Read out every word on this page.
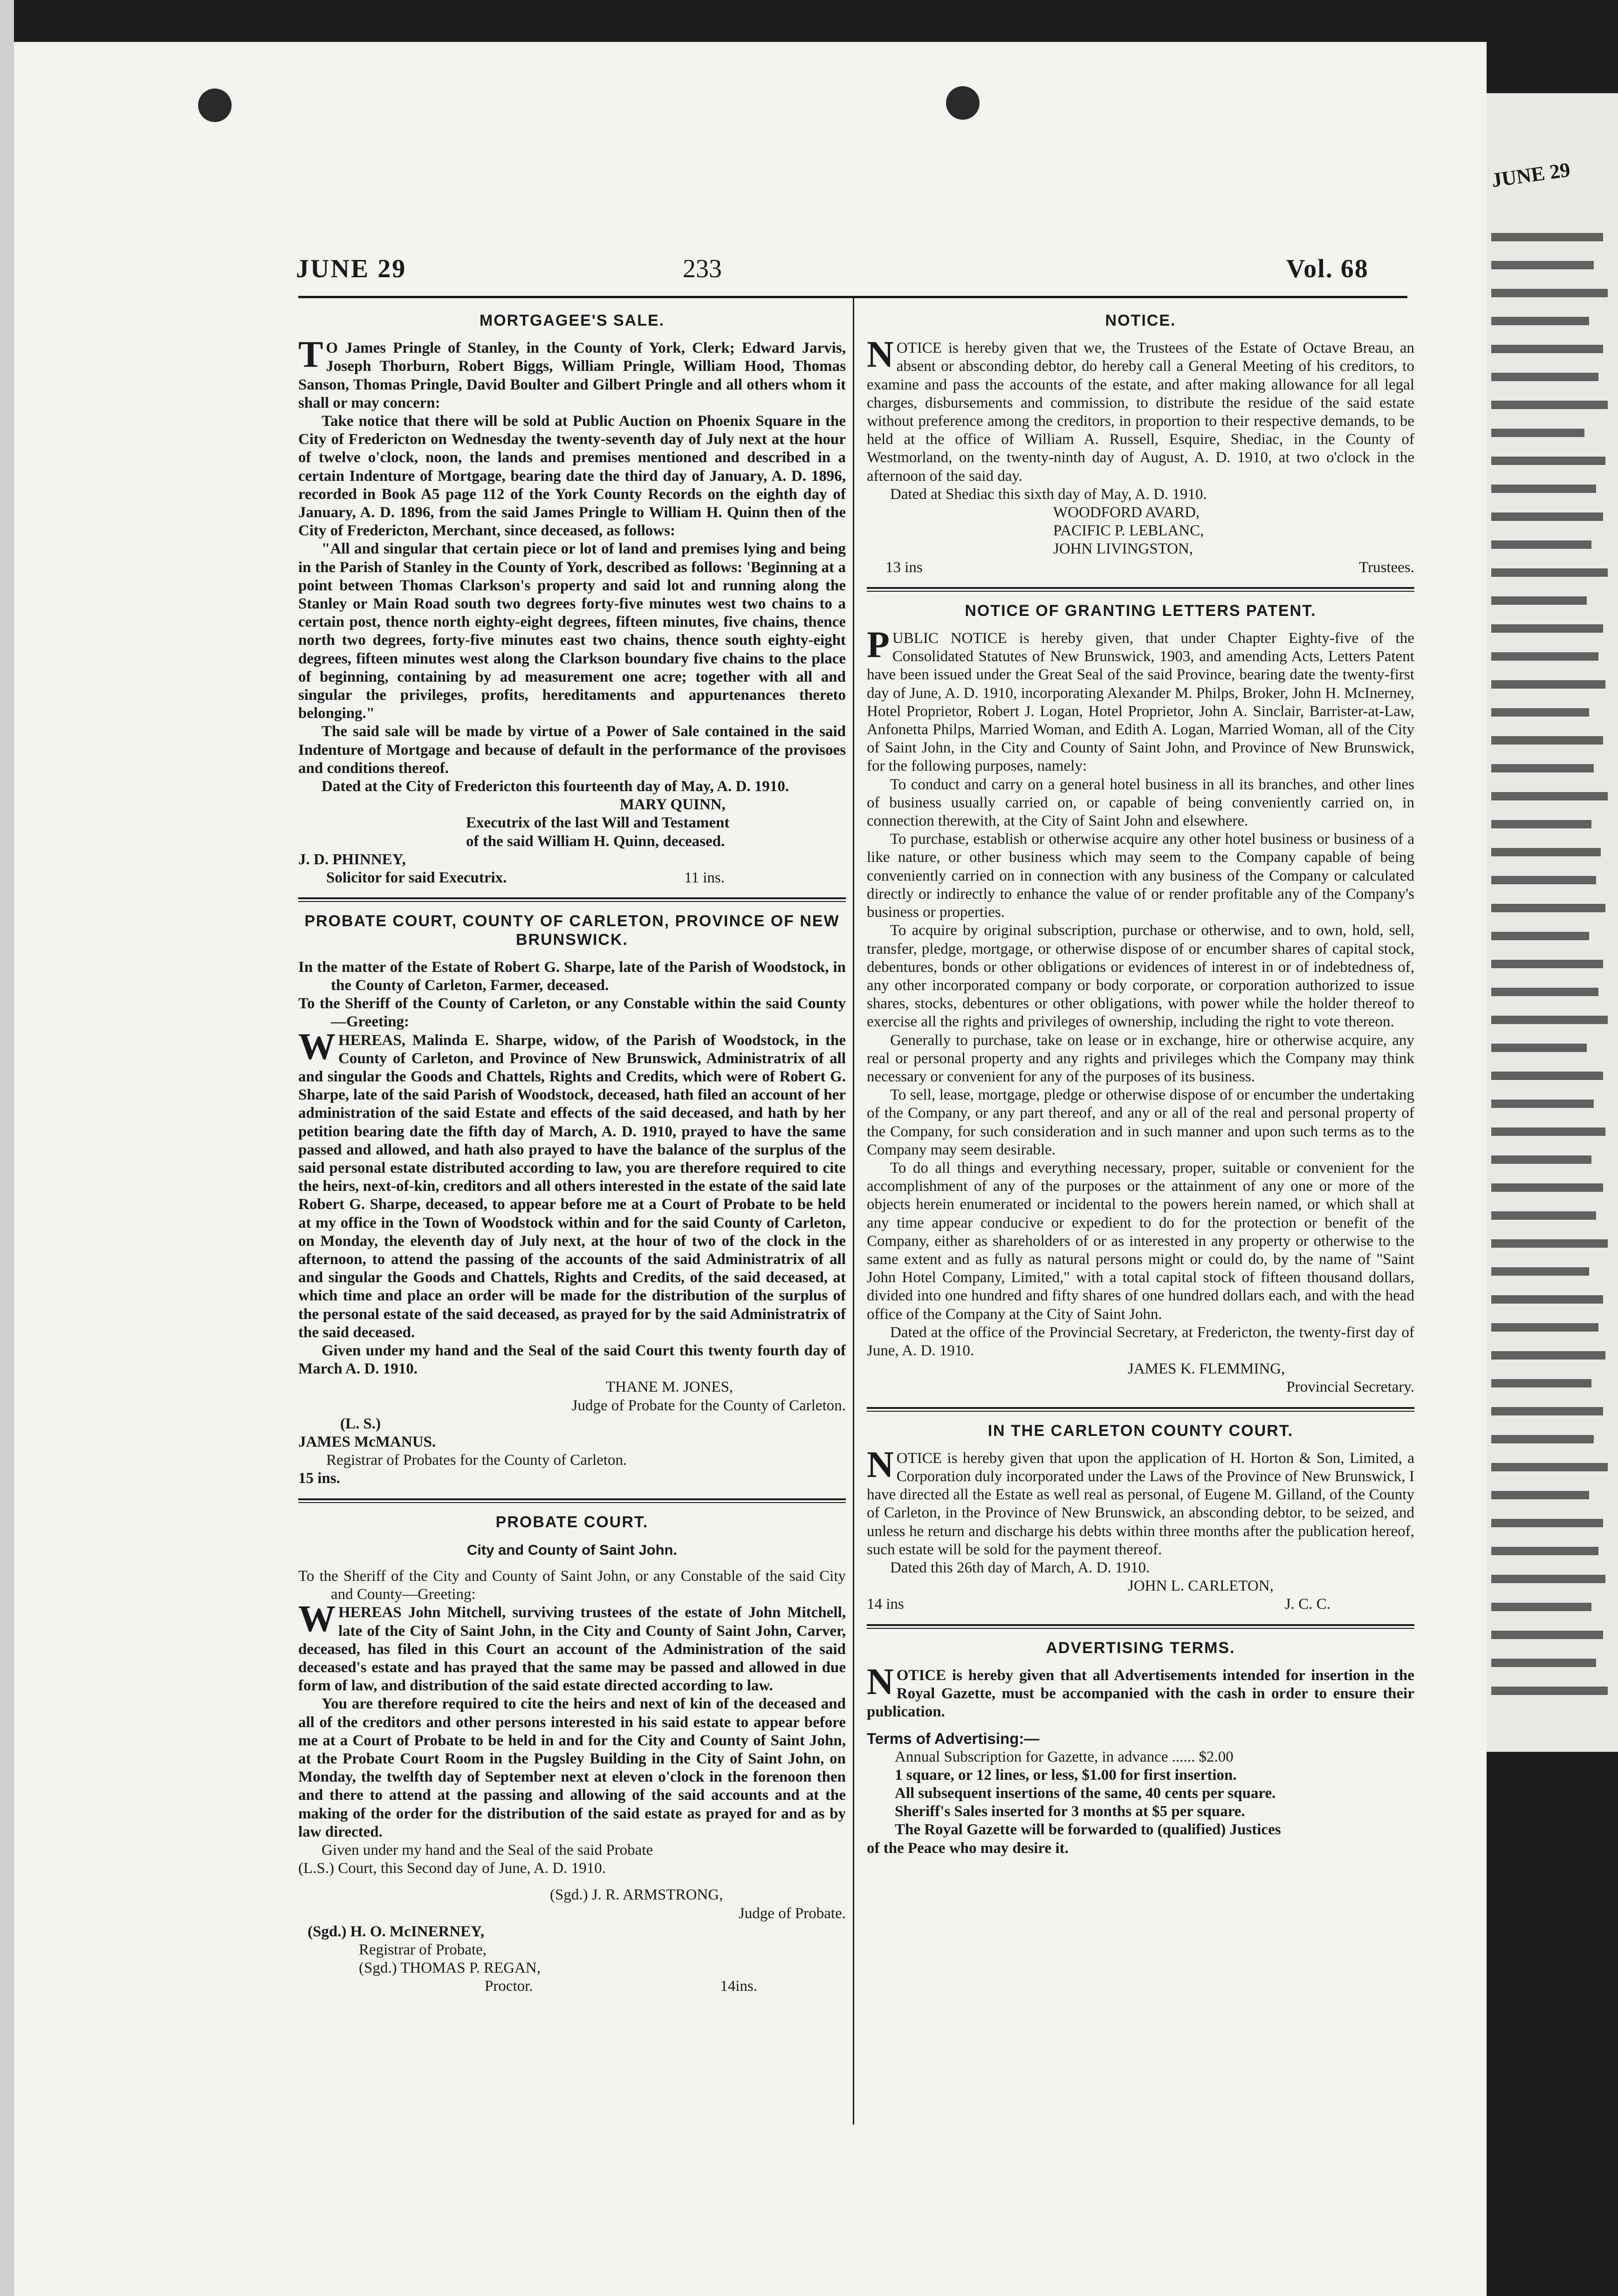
JUNE 29
JUNE 29	233	Vol. 68
MORTGAGEE'S SALE.

TO James Pringle of Stanley, in the County of York, Clerk; Edward Jarvis, Joseph Thorburn, Robert Biggs, William Pringle, William Hood, Thomas Sanson, Thomas Pringle, David Boulter and Gilbert Pringle and all others whom it shall or may concern:

Take notice that there will be sold at Public Auction on Phoenix Square in the City of Fredericton on Wednesday the twenty-seventh day of July next at the hour of twelve o'clock, noon, the lands and premises mentioned and described in a certain Indenture of Mortgage, bearing date the third day of January, A. D. 1896, recorded in Book A5 page 112 of the York County Records on the eighth day of January, A. D. 1896, from the said James Pringle to William H. Quinn then of the City of Fredericton, Merchant, since deceased, as follows:

"All and singular that certain piece or lot of land and premises lying and being in the Parish of Stanley in the County of York, described as follows: 'Beginning at a point between Thomas Clarkson's property and said lot and running along the Stanley or Main Road south two degrees forty-five minutes west two chains to a certain post, thence north eighty-eight degrees, fifteen minutes, five chains, thence north two degrees, forty-five minutes east two chains, thence south eighty-eight degrees, fifteen minutes west along the Clarkson boundary five chains to the place of beginning, containing by ad measurement one acre; together with all and singular the privileges, profits, hereditaments and appurtenances thereto belonging."

The said sale will be made by virtue of a Power of Sale contained in the said Indenture of Mortgage and because of default in the performance of the provisoes and conditions thereof.

Dated at the City of Fredericton this fourteenth day of May, A. D. 1910.

MARY QUINN,

Executrix of the last Will and Testament

of the said William H. Quinn, deceased.

J. D. PHINNEY,

Solicitor for said Executrix.	11 ins.
PROBATE COURT, COUNTY OF CARLETON, PROVINCE OF NEW BRUNSWICK.

In the matter of the Estate of Robert G. Sharpe, late of the Parish of Woodstock, in the County of Carleton, Farmer, deceased.

To the Sheriff of the County of Carleton, or any Constable within the said County—Greeting:

WHEREAS, Malinda E. Sharpe, widow, of the Parish of Woodstock, in the County of Carleton, and Province of New Brunswick, Administratrix of all and singular the Goods and Chattels, Rights and Credits, which were of Robert G. Sharpe, late of the said Parish of Woodstock, deceased, hath filed an account of her administration of the said Estate and effects of the said deceased, and hath by her petition bearing date the fifth day of March, A. D. 1910, prayed to have the same passed and allowed, and hath also prayed to have the balance of the surplus of the said personal estate distributed according to law, you are therefore required to cite the heirs, next-of-kin, creditors and all others interested in the estate of the said late Robert G. Sharpe, deceased, to appear before me at a Court of Probate to be held at my office in the Town of Woodstock within and for the said County of Carleton, on Monday, the eleventh day of July next, at the hour of two of the clock in the afternoon, to attend the passing of the accounts of the said Administratrix of all and singular the Goods and Chattels, Rights and Credits, of the said deceased, at which time and place an order will be made for the distribution of the surplus of the personal estate of the said deceased, as prayed for by the said Administratrix of the said deceased.

Given under my hand and the Seal of the said Court this twenty fourth day of March A. D. 1910.

THANE M. JONES,

Judge of Probate for the County of Carleton.

(L. S.)

JAMES McMANUS.

Registrar of Probates for the County of Carleton.

15 ins.

PROBATE COURT.
City and County of Saint John.

To the Sheriff of the City and County of Saint John, or any Constable of the said City and County—Greeting:

WHEREAS John Mitchell, surviving trustees of the estate of John Mitchell, late of the City of Saint John, in the City and County of Saint John, Carver, deceased, has filed in this Court an account of the Administration of the said deceased's estate and has prayed that the same may be passed and allowed in due form of law, and distribution of the said estate directed according to law.

You are therefore required to cite the heirs and next of kin of the deceased and all of the creditors and other persons interested in his said estate to appear before me at a Court of Probate to be held in and for the City and County of Saint John, at the Probate Court Room in the Pugsley Building in the City of Saint John, on Monday, the twelfth day of September next at eleven o'clock in the forenoon then and there to attend at the passing and allowing of the said accounts and at the making of the order for the distribution of the said estate as prayed for and as by law directed.

Given under my hand and the Seal of the said Probate

(L.S.) Court, this Second day of June, A. D. 1910.

(Sgd.) J. R. ARMSTRONG,

Judge of Probate.

(Sgd.) H. O. McINERNEY,

Registrar of Probate,

(Sgd.) THOMAS P. REGAN,

Proctor.	14ins.
NOTICE.

NOTICE is hereby given that we, the Trustees of the Estate of Octave Breau, an absent or absconding debtor, do hereby call a General Meeting of his creditors, to examine and pass the accounts of the estate, and after making allowance for all legal charges, disbursements and commission, to distribute the residue of the said estate without preference among the creditors, in proportion to their respective demands, to be held at the office of William A. Russell, Esquire, Shediac, in the County of Westmorland, on the twenty-ninth day of August, A. D. 1910, at two o'clock in the afternoon of the said day.

Dated at Shediac this sixth day of May, A. D. 1910.

WOODFORD AVARD,

PACIFIC P. LEBLANC,

JOHN LIVINGSTON,

13 ins	Trustees.
NOTICE OF GRANTING LETTERS PATENT.

PUBLIC NOTICE is hereby given, that under Chapter Eighty-five of the Consolidated Statutes of New Brunswick, 1903, and amending Acts, Letters Patent have been issued under the Great Seal of the said Province, bearing date the twenty-first day of June, A. D. 1910, incorporating Alexander M. Philps, Broker, John H. McInerney, Hotel Proprietor, Robert J. Logan, Hotel Proprietor, John A. Sinclair, Barrister-at-Law, Anfonetta Philps, Married Woman, and Edith A. Logan, Married Woman, all of the City of Saint John, in the City and County of Saint John, and Province of New Brunswick, for the following purposes, namely:

To conduct and carry on a general hotel business in all its branches, and other lines of business usually carried on, or capable of being conveniently carried on, in connection therewith, at the City of Saint John and elsewhere.

To purchase, establish or otherwise acquire any other hotel business or business of a like nature, or other business which may seem to the Company capable of being conveniently carried on in connection with any business of the Company or calculated directly or indirectly to enhance the value of or render profitable any of the Company's business or properties.

To acquire by original subscription, purchase or otherwise, and to own, hold, sell, transfer, pledge, mortgage, or otherwise dispose of or encumber shares of capital stock, debentures, bonds or other obligations or evidences of interest in or of indebtedness of, any other incorporated company or body corporate, or corporation authorized to issue shares, stocks, debentures or other obligations, with power while the holder thereof to exercise all the rights and privileges of ownership, including the right to vote thereon.

Generally to purchase, take on lease or in exchange, hire or otherwise acquire, any real or personal property and any rights and privileges which the Company may think necessary or convenient for any of the purposes of its business.

To sell, lease, mortgage, pledge or otherwise dispose of or encumber the undertaking of the Company, or any part thereof, and any or all of the real and personal property of the Company, for such consideration and in such manner and upon such terms as to the Company may seem desirable.

To do all things and everything necessary, proper, suitable or convenient for the accomplishment of any of the purposes or the attainment of any one or more of the objects herein enumerated or incidental to the powers herein named, or which shall at any time appear conducive or expedient to do for the protection or benefit of the Company, either as shareholders of or as interested in any property or otherwise to the same extent and as fully as natural persons might or could do, by the name of "Saint John Hotel Company, Limited," with a total capital stock of fifteen thousand dollars, divided into one hundred and fifty shares of one hundred dollars each, and with the head office of the Company at the City of Saint John.

Dated at the office of the Provincial Secretary, at Fredericton, the twenty-first day of June, A. D. 1910.

JAMES K. FLEMMING,

Provincial Secretary.

IN THE CARLETON COUNTY COURT.

NOTICE is hereby given that upon the application of H. Horton & Son, Limited, a Corporation duly incorporated under the Laws of the Province of New Brunswick, I have directed all the Estate as well real as personal, of Eugene M. Gilland, of the County of Carleton, in the Province of New Brunswick, an absconding debtor, to be seized, and unless he return and discharge his debts within three months after the publication hereof, such estate will be sold for the payment thereof.

Dated this 26th day of March, A. D. 1910.

JOHN L. CARLETON,

14 ins	J. C. C.
ADVERTISING TERMS.

NOTICE is hereby given that all Advertisements intended for insertion in the Royal Gazette, must be accompanied with the cash in order to ensure their publication.

Terms of Advertising:—

Annual Subscription for Gazette, in advance ...... $2.00

1 square, or 12 lines, or less, $1.00 for first insertion.

All subsequent insertions of the same, 40 cents per square.

Sheriff's Sales inserted for 3 months at $5 per square.

The Royal Gazette will be forwarded to (qualified) Justices

of the Peace who may desire it.
